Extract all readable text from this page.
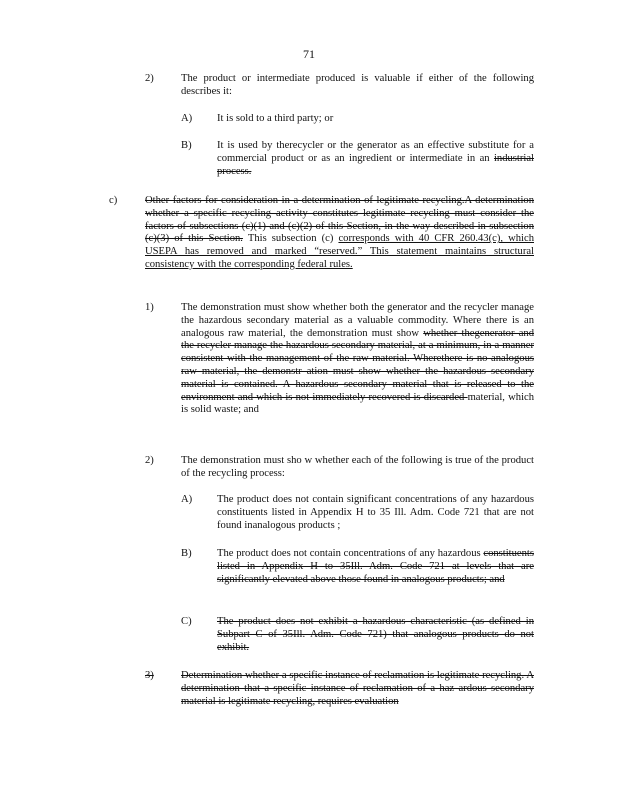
71
2)	The product or intermediate produced is valuable if either of the following describes it:
A) It is sold to a third party; or
B) It is used by therecycler or the generator as an effective substitute for a commercial product or as an ingredient or intermediate in an industrial process.
c)	Other factors for consideration in a determination of legitimate recycling.A determination whether a specific recycling activity constitutes legitimate recycling must consider the factors of subsections (c)(1) and (c)(2) of this Section, in the way described in subsection (c)(3) of this Section. This subsection (c) corresponds with 40 CFR 260.43(c), which USEPA has removed and marked “reserved.” This statement maintains structural consistency with the corresponding federal rules.
1)	The demonstration must show whether both the generator and the recycler manage the hazardous secondary material as a valuable commodity. Where there is an analogous raw material, the demonstration must show whether thegenerator and the recycler manage the hazardous secondary material, at a minimum, in a manner consistent with the management of the raw material. Wherethere is no analogous raw material, the demonstr ation must show whether the hazardous secondary material is contained. A hazardous secondary material that is released to the environment and which is not immediately recovered is discarded material, which is solid waste; and
2)	The demonstration must sho w whether each of the following is true of the product of the recycling process:
A) The product does not contain significant concentrations of any hazardous constituents listed in Appendix H to 35 Ill. Adm. Code 721 that are not found inanalogous products ;
B) The product does not contain concentrations of any hazardous constituents listed in Appendix H to 35Ill. Adm. Code 721 at levels that are significantly elevated above those found in analogous products; and
C) The product does not exhibit a hazardous characteristic (as defined in Subpart C of 35Ill. Adm. Code 721) that analogous products do not exhibit.
3)	Determination whether a specific instance of reclamation is legitimate recycling. A determination that a specific instance of reclamation of a haz ardous secondary material is legitimate recycling, requires evaluation
